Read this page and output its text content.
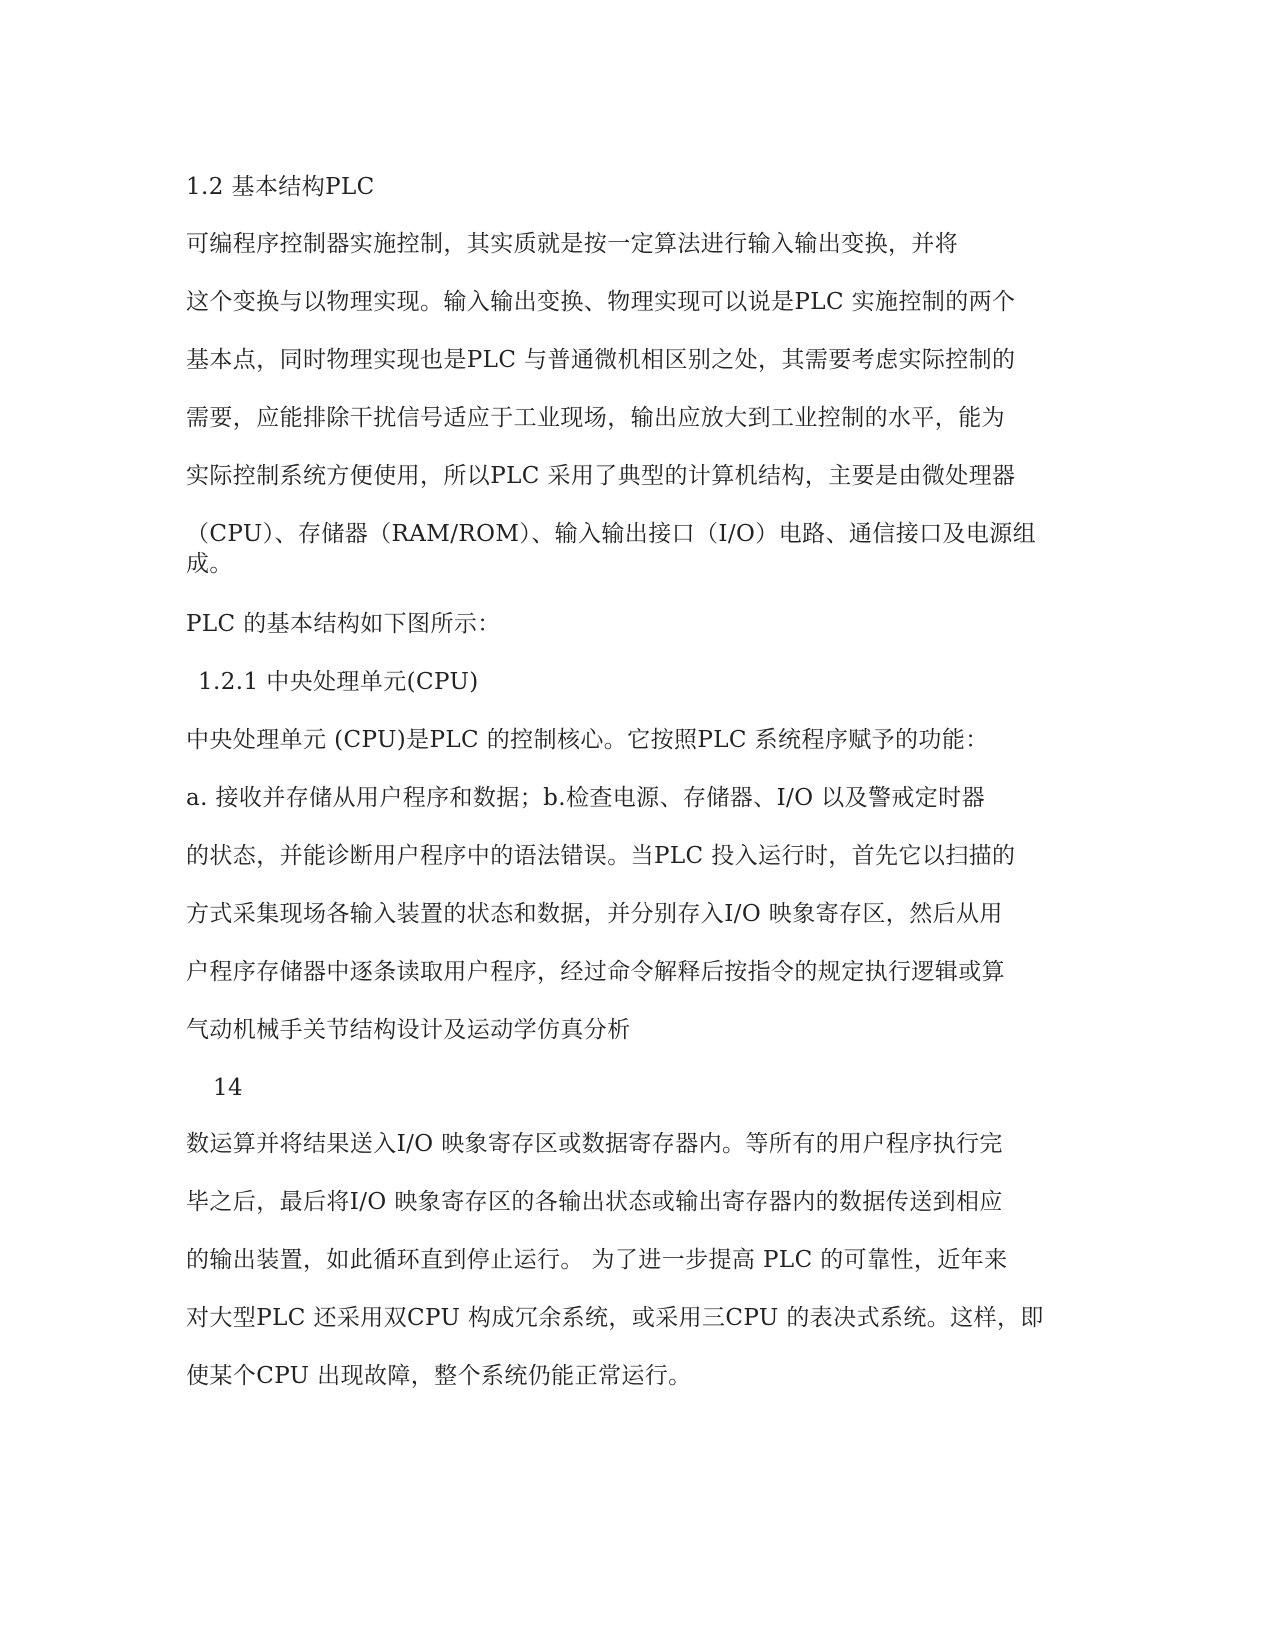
1.2 基本结构PLC
可编程序控制器实施控制，其实质就是按一定算法进行输入输出变换，并将
这个变换与以物理实现。输入输出变换、物理实现可以说是PLC 实施控制的两个
基本点，同时物理实现也是PLC 与普通微机相区别之处，其需要考虑实际控制的
需要，应能排除干扰信号适应于工业现场，输出应放大到工业控制的水平，能为
实际控制系统方便使用，所以PLC 采用了典型的计算机结构，主要是由微处理器
（CPU）、存储器（RAM/ROM）、输入输出接口（I/O）电路、通信接口及电源组
成。
PLC 的基本结构如下图所示：
1.2.1 中央处理单元(CPU)
中央处理单元 (CPU)是PLC 的控制核心。它按照PLC 系统程序赋予的功能：
a. 接收并存储从用户程序和数据；b.检查电源、存储器、I/O 以及警戒定时器
的状态，并能诊断用户程序中的语法错误。当PLC 投入运行时，首先它以扫描的
方式采集现场各输入装置的状态和数据，并分别存入I/O 映象寄存区，然后从用
户程序存储器中逐条读取用户程序，经过命令解释后按指令的规定执行逻辑或算
气动机械手关节结构设计及运动学仿真分析
14
数运算并将结果送入I/O 映象寄存区或数据寄存器内。等所有的用户程序执行完
毕之后，最后将I/O 映象寄存区的各输出状态或输出寄存器内的数据传送到相应
的输出装置，如此循环直到停止运行。 为了进一步提高 PLC 的可靠性，近年来
对大型PLC 还采用双CPU 构成冗余系统，或采用三CPU 的表决式系统。这样，即
使某个CPU 出现故障，整个系统仍能正常运行。
